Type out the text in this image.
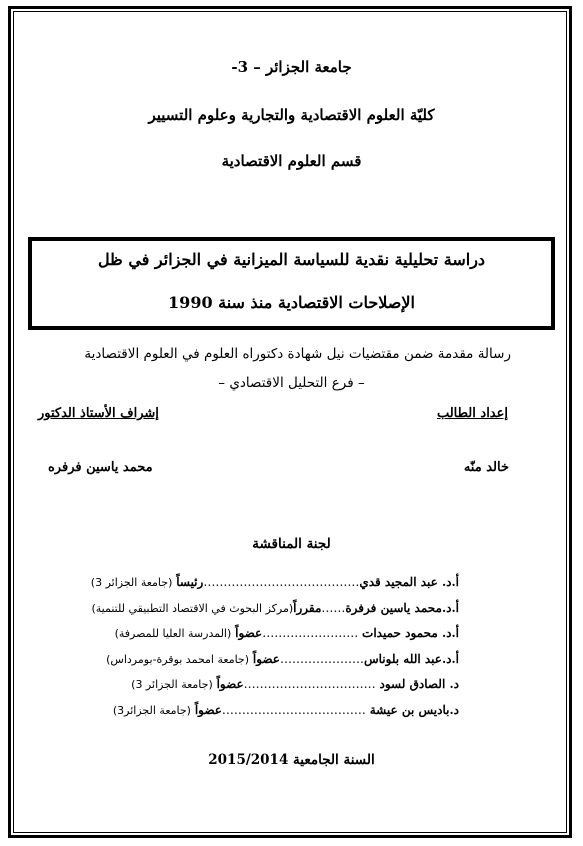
جامعة الجزائر – 3-
كليّة العلوم الاقتصادية والتجارية وعلوم التسيير
قسم العلوم الاقتصادية
دراسة تحليلية نقدية للسياسة الميزانية في الجزائر في ظل
الإصلاحات الاقتصادية منذ سنة 1990
رسالة مقدمة ضمن مقتضيات نيل شهادة دكتوراه العلوم في العلوم الاقتصادية
– فرع التحليل الاقتصادي –
إعداد الطالب
إشراف الأستاذ الدكتور
خالد منّه
محمد ياسين فرفره
لجنة المناقشة
أ.د. عبد المجيد قدي…………………………………رئيساً (جامعة الجزائر 3)
أ.د.محمد ياسين فرفرة……مقرراً(مركز البحوث في الاقتصاد التطبيقي للتنمية)
أ.د. محمود حميدات ……………………عضواً (المدرسة العليا للمصرفة)
أ.د.عبد الله بلوناس…………………عضواً (جامعة امحمد بوقرة-بومرداس)
د. الصادق لسود ……………………………عضواً (جامعة الجزائر 3)
د.باديس بن عيشة ………………………………عضواً (جامعة الجزائر3)
السنة الجامعية 2015/2014
